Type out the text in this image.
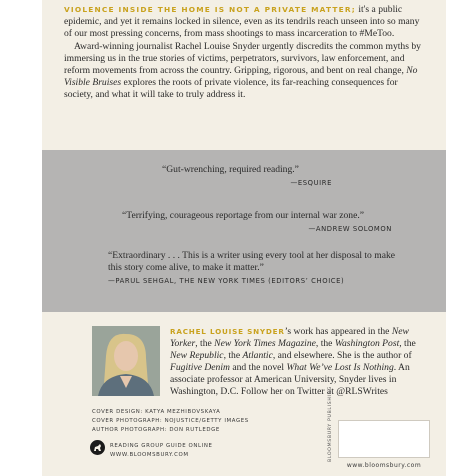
VIOLENCE INSIDE THE HOME IS NOT A PRIVATE MATTER; it's a public epidemic, and yet it remains locked in silence, even as its tendrils reach unseen into so many of our most pressing concerns, from mass shootings to mass incarceration to #MeToo.

Award-winning journalist Rachel Louise Snyder urgently discredits the common myths by immersing us in the true stories of victims, perpetrators, survivors, law enforcement, and reform movements from across the country. Gripping, rigorous, and bent on real change, No Visible Bruises explores the roots of private violence, its far-reaching consequences for society, and what it will take to truly address it.

“Gut-wrenching, required reading.”
—ESQUIRE
“Terrifying, courageous reportage from our internal war zone.”
—ANDREW SOLOMON
“Extraordinary . . . This is a writer using every tool at her disposal to make this story come alive, to make it matter.”
—PARUL SEHGAL, THE NEW YORK TIMES (EDITORS’ CHOICE)
RACHEL LOUISE SNYDER’s work has appeared in the New Yorker, the New York Times Magazine, the Washington Post, the New Republic, the Atlantic, and elsewhere. She is the author of Fugitive Denim and the novel What We’ve Lost Is Nothing. An associate professor at American University, Snyder lives in Washington, D.C. Follow her on Twitter at @RLSWrites
COVER DESIGN: KATYA MEZHIBOVSKAYA
COVER PHOTOGRAPH: NOJUSTICE/GETTY IMAGES
AUTHOR PHOTOGRAPH: DON RUTLEDGE
READING GROUP GUIDE ONLINE
WWW.BLOOMSBURY.COM	BLOOMSBURY PUBLISHING
www.bloomsbury.com
